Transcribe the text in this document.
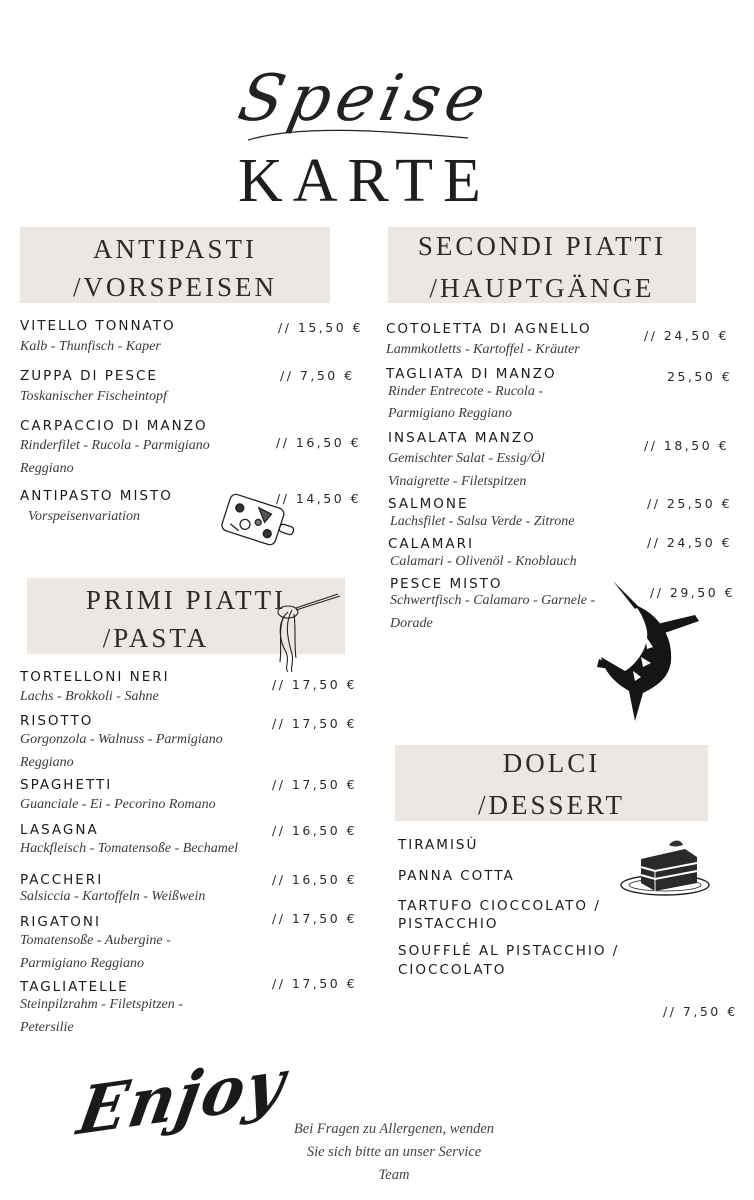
Speise
KARTE
ANTIPASTI
/VORSPEISEN
VITELLO TONNATO
Kalb - Thunfisch - Kaper
// 15,50 €
ZUPPA DI PESCE
Toskanischer Fischeintopf
// 7,50 €
CARPACCIO DI MANZO
Rinderfilet - Rucola - Parmigiano
Reggiano
// 16,50 €
ANTIPASTO MISTO
Vorspeisenvariation
// 14,50 €
PRIMI PIATTI
/PASTA
TORTELLONI NERI
Lachs - Brokkoli - Sahne
// 17,50 €
RISOTTO
Gorgonzola - Walnuss - Parmigiano
Reggiano
// 17,50 €
SPAGHETTI
Guanciale - Ei - Pecorino Romano
// 17,50 €
LASAGNA
Hackfleisch - Tomatensoße - Bechamel
// 16,50 €
PACCHERI
Salsiccia - Kartoffeln - Weißwein
// 16,50 €
RIGATONI
Tomatensoße - Aubergine -
Parmigiano Reggiano
// 17,50 €
TAGLIATELLE
Steinpilzrahm - Filetspitzen -
Petersilie
// 17,50 €
SECONDI PIATTI
/HAUPTGÄNGE
COTOLETTA DI AGNELLO
Lammkotletts - Kartoffel - Kräuter
// 24,50 €
TAGLIATA DI MANZO
Rinder Entrecote - Rucola -
Parmigiano Reggiano
25,50 €
INSALATA MANZO
Gemischter Salat - Essig/Öl
Vinaigrette - Filetspitzen
// 18,50 €
SALMONE
Lachsfilet - Salsa Verde - Zitrone
// 25,50 €
CALAMARI
Calamari - Olivenöl - Knoblauch
// 24,50 €
PESCE MISTO
Schwertfisch - Calamaro - Garnele -
Dorade
// 29,50 €
DOLCI
/DESSERT
TIRAMISÙ
PANNA COTTA
TARTUFO CIOCCOLATO /
PISTACCHIO
SOUFFLÉ AL PISTACCHIO /
CIOCCOLATO
// 7,50 €
Enjoy Bei Fragen zu Allergenen, wenden
Sie sich bitte an unser Service
Team
